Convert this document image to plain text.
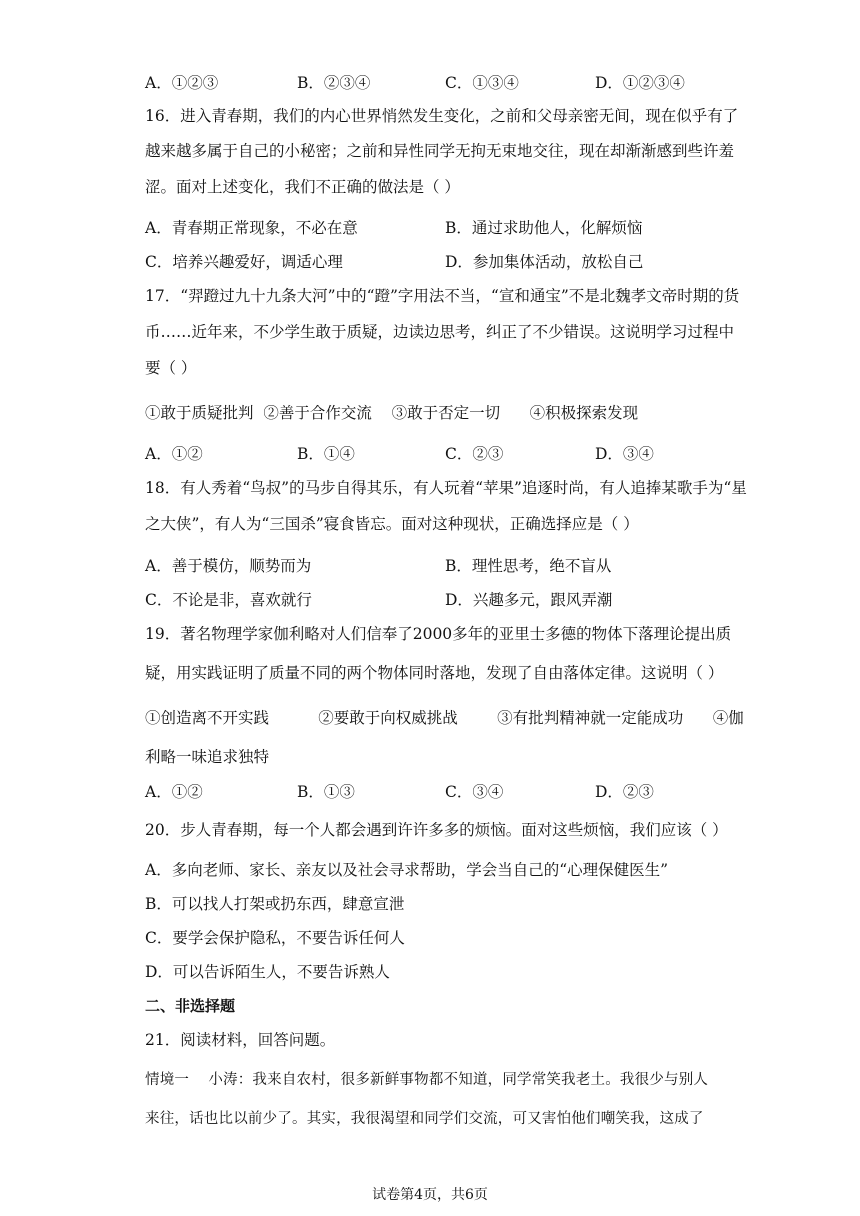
A．①②③	B．②③④	C．①③④	D．①②③④
16．进入青春期，我们的内心世界悄然发生变化，之前和父母亲密无间，现在似乎有了
越来越多属于自己的小秘密；之前和异性同学无拘无束地交往，现在却渐渐感到些许羞
涩。面对上述变化，我们不正确的做法是（ ）
A．青春期正常现象，不必在意	B．通过求助他人，化解烦恼
C．培养兴趣爱好，调适心理	D．参加集体活动，放松自己
17．“羿蹬过九十九条大河”中的“蹬”字用法不当，“宣和通宝”不是北魏孝文帝时期的货
币……近年来，不少学生敢于质疑，边读边思考，纠正了不少错误。这说明学习过程中
要（ ）
①敢于质疑批判  ②善于合作交流    ③敢于否定一切      ④积极探索发现
A．①②	B．①④	C．②③	D．③④
18．有人秀着“鸟叔”的马步自得其乐，有人玩着“苹果”追逐时尚，有人追捧某歌手为“星
之大侠”，有人为“三国杀”寝食皆忘。面对这种现状，正确选择应是（ ）
A．善于模仿，顺势而为	B．理性思考，绝不盲从
C．不论是非，喜欢就行	D．兴趣多元，跟风弄潮
19．著名物理学家伽利略对人们信奉了2000多年的亚里士多德的物体下落理论提出质
疑，用实践证明了质量不同的两个物体同时落地，发现了自由落体定律。这说明（ ）
①创造离不开实践          ②要敢于向权威挑战        ③有批判精神就一定能成功      ④伽
利略一味追求独特
A．①②	B．①③	C．③④	D．②③
20．步人青春期，每一个人都会遇到许许多多的烦恼。面对这些烦恼，我们应该（ ）
A．多向老师、家长、亲友以及社会寻求帮助，学会当自己的“心理保健医生”
B．可以找人打架或扔东西，肆意宣泄
C．要学会保护隐私，不要告诉任何人
D．可以告诉陌生人，不要告诉熟人
二、非选择题
21．阅读材料，回答问题。
情境一    小涛：我来自农村，很多新鲜事物都不知道，同学常笑我老土。我很少与别人
来往，话也比以前少了。其实，我很渴望和同学们交流，可又害怕他们嘲笑我，这成了
试卷第4页，共6页
